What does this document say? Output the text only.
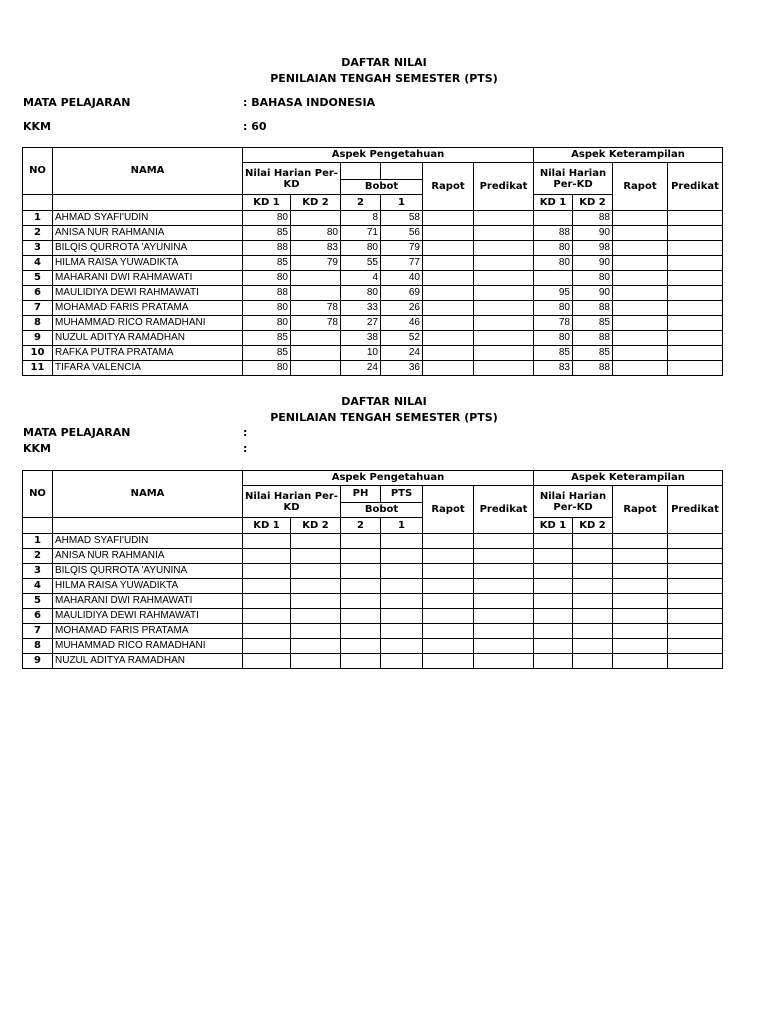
DAFTAR NILAI
PENILAIAN TENGAH SEMESTER (PTS)
MATA PELAJARAN	: BAHASA INDONESIA
KKM	: 60
NO	NAMA	Aspek Pengetahuan						Aspek Keterampilan			
		Nilai Harian Per-KD				Rapot	Predikat	Nilai Harian Per-KD		Rapot	Predikat
				Bobot							
		KD 1	KD 2	2	1			KD 1	KD 2		
1	AHMAD SYAFI'UDIN	80		8	58				88		
2	ANISA NUR RAHMANIA	85	80	71	56			88	90		
3	BILQIS QURROTA 'AYUNINA	88	83	80	79			80	98		
4	HILMA RAISA YUWADIKTA	85	79	55	77			80	90		
5	MAHARANI DWI RAHMAWATI	80		4	40				80		
6	MAULIDIYA DEWI RAHMAWATI	88		80	69			95	90		
7	MOHAMAD FARIS PRATAMA	80	78	33	26			80	88		
8	MUHAMMAD RICO RAMADHANI	80	78	27	46			78	85		
9	NUZUL ADITYA RAMADHAN	85		38	52			80	88		
10	RAFKA PUTRA PRATAMA	85		10	24			85	85		
11	TIFARA VALENCIA	80		24	36			83	88		
DAFTAR NILAI
PENILAIAN TENGAH SEMESTER (PTS)
MATA PELAJARAN	:
KKM	:
NO	NAMA	Aspek Pengetahuan						Aspek Keterampilan			
		Nilai Harian Per-KD		PH	PTS	Rapot	Predikat	Nilai Harian Per-KD		Rapot	Predikat
				Bobot							
		KD 1	KD 2	2	1			KD 1	KD 2		
1	AHMAD SYAFI'UDIN										
2	ANISA NUR RAHMANIA										
3	BILQIS QURROTA 'AYUNINA										
4	HILMA RAISA YUWADIKTA										
5	MAHARANI DWI RAHMAWATI										
6	MAULIDIYA DEWI RAHMAWATI										
7	MOHAMAD FARIS PRATAMA										
8	MUHAMMAD RICO RAMADHANI										
9	NUZUL ADITYA RAMADHAN										
